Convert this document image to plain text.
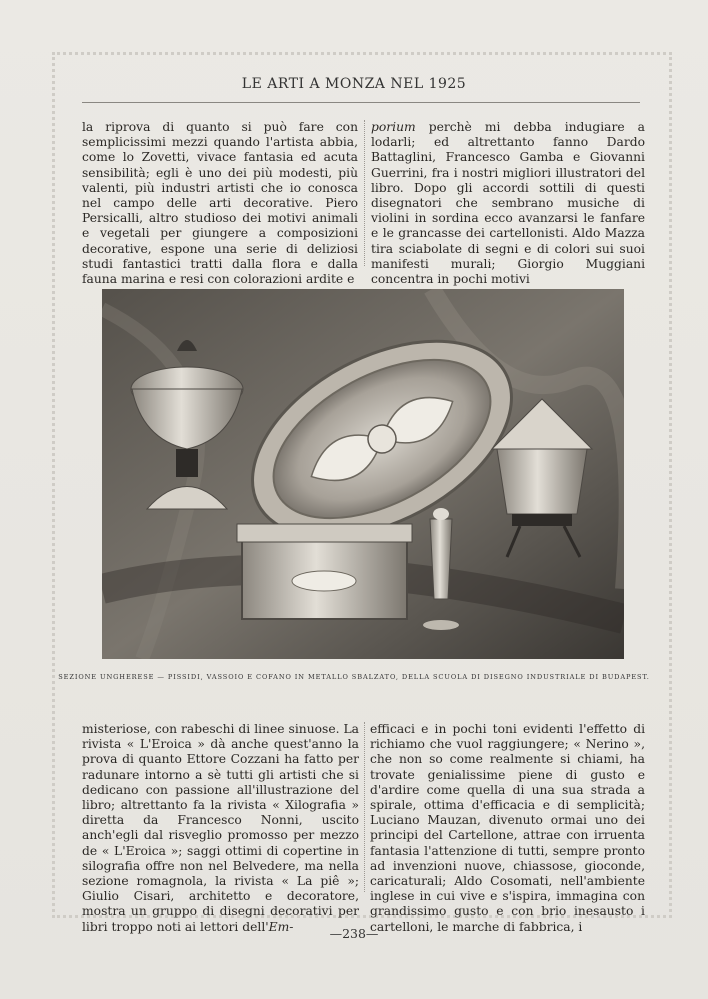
LE ARTI A MONZA NEL 1925
la riprova di quanto si può fare con semplicissimi mezzi quando l'artista abbia, come lo Zovetti, vivace fantasia ed acuta sensibilità; egli è uno dei più modesti, più valenti, più industri artisti che io conosca nel campo delle arti decorative. Piero Persicalli, altro studioso dei motivi animali e vegetali per giungere a composizioni decorative, espone una serie di deliziosi studi fantastici tratti dalla flora e dalla fauna marina e resi con colorazioni ardite e
porium perchè mi debba indugiare a lodarli; ed altrettanto fanno Dardo Battaglini, Francesco Gamba e Giovanni Guerrini, fra i nostri migliori illustratori del libro. Dopo gli accordi sottili di questi disegnatori che sembrano musiche di violini in sordina ecco avanzarsi le fanfare e le grancasse dei cartellonisti. Aldo Mazza tira sciabolate di segni e di colori sui suoi manifesti murali; Giorgio Muggiani concentra in pochi motivi
SEZIONE UNGHERESE — PISSIDI, VASSOIO E COFANO IN METALLO SBALZATO, DELLA SCUOLA DI DISEGNO INDUSTRIALE DI BUDAPEST.
misteriose, con rabeschi di linee sinuose. La rivista « L'Eroica » dà anche quest'anno la prova di quanto Ettore Cozzani ha fatto per radunare intorno a sè tutti gli artisti che si dedicano con passione all'illustrazione del libro; altrettanto fa la rivista « Xilografia » diretta da Francesco Nonni, uscito anch'egli dal risveglio promosso per mezzo de « L'Eroica »; saggi ottimi di copertine in silografia offre non nel Belvedere, ma nella sezione romagnola, la rivista « La piê »; Giulio Cisari, architetto e decoratore, mostra un gruppo di disegni decorativi per libri troppo noti ai lettori dell'Em-
efficaci e in pochi toni evidenti l'effetto di richiamo che vuol raggiungere; « Nerino », che non so come realmente si chiami, ha trovate genialissime piene di gusto e d'ardire come quella di una sua strada a spirale, ottima d'efficacia e di semplicità; Luciano Mauzan, divenuto ormai uno dei principi del Cartellone, attrae con irruenta fantasia l'attenzione di tutti, sempre pronto ad invenzioni nuove, chiassose, gioconde, caricaturali; Aldo Cosomati, nell'ambiente inglese in cui vive e s'ispira, immagina con grandissimo gusto e con brio inesausto i cartelloni, le marche di fabbrica, i
—238—
